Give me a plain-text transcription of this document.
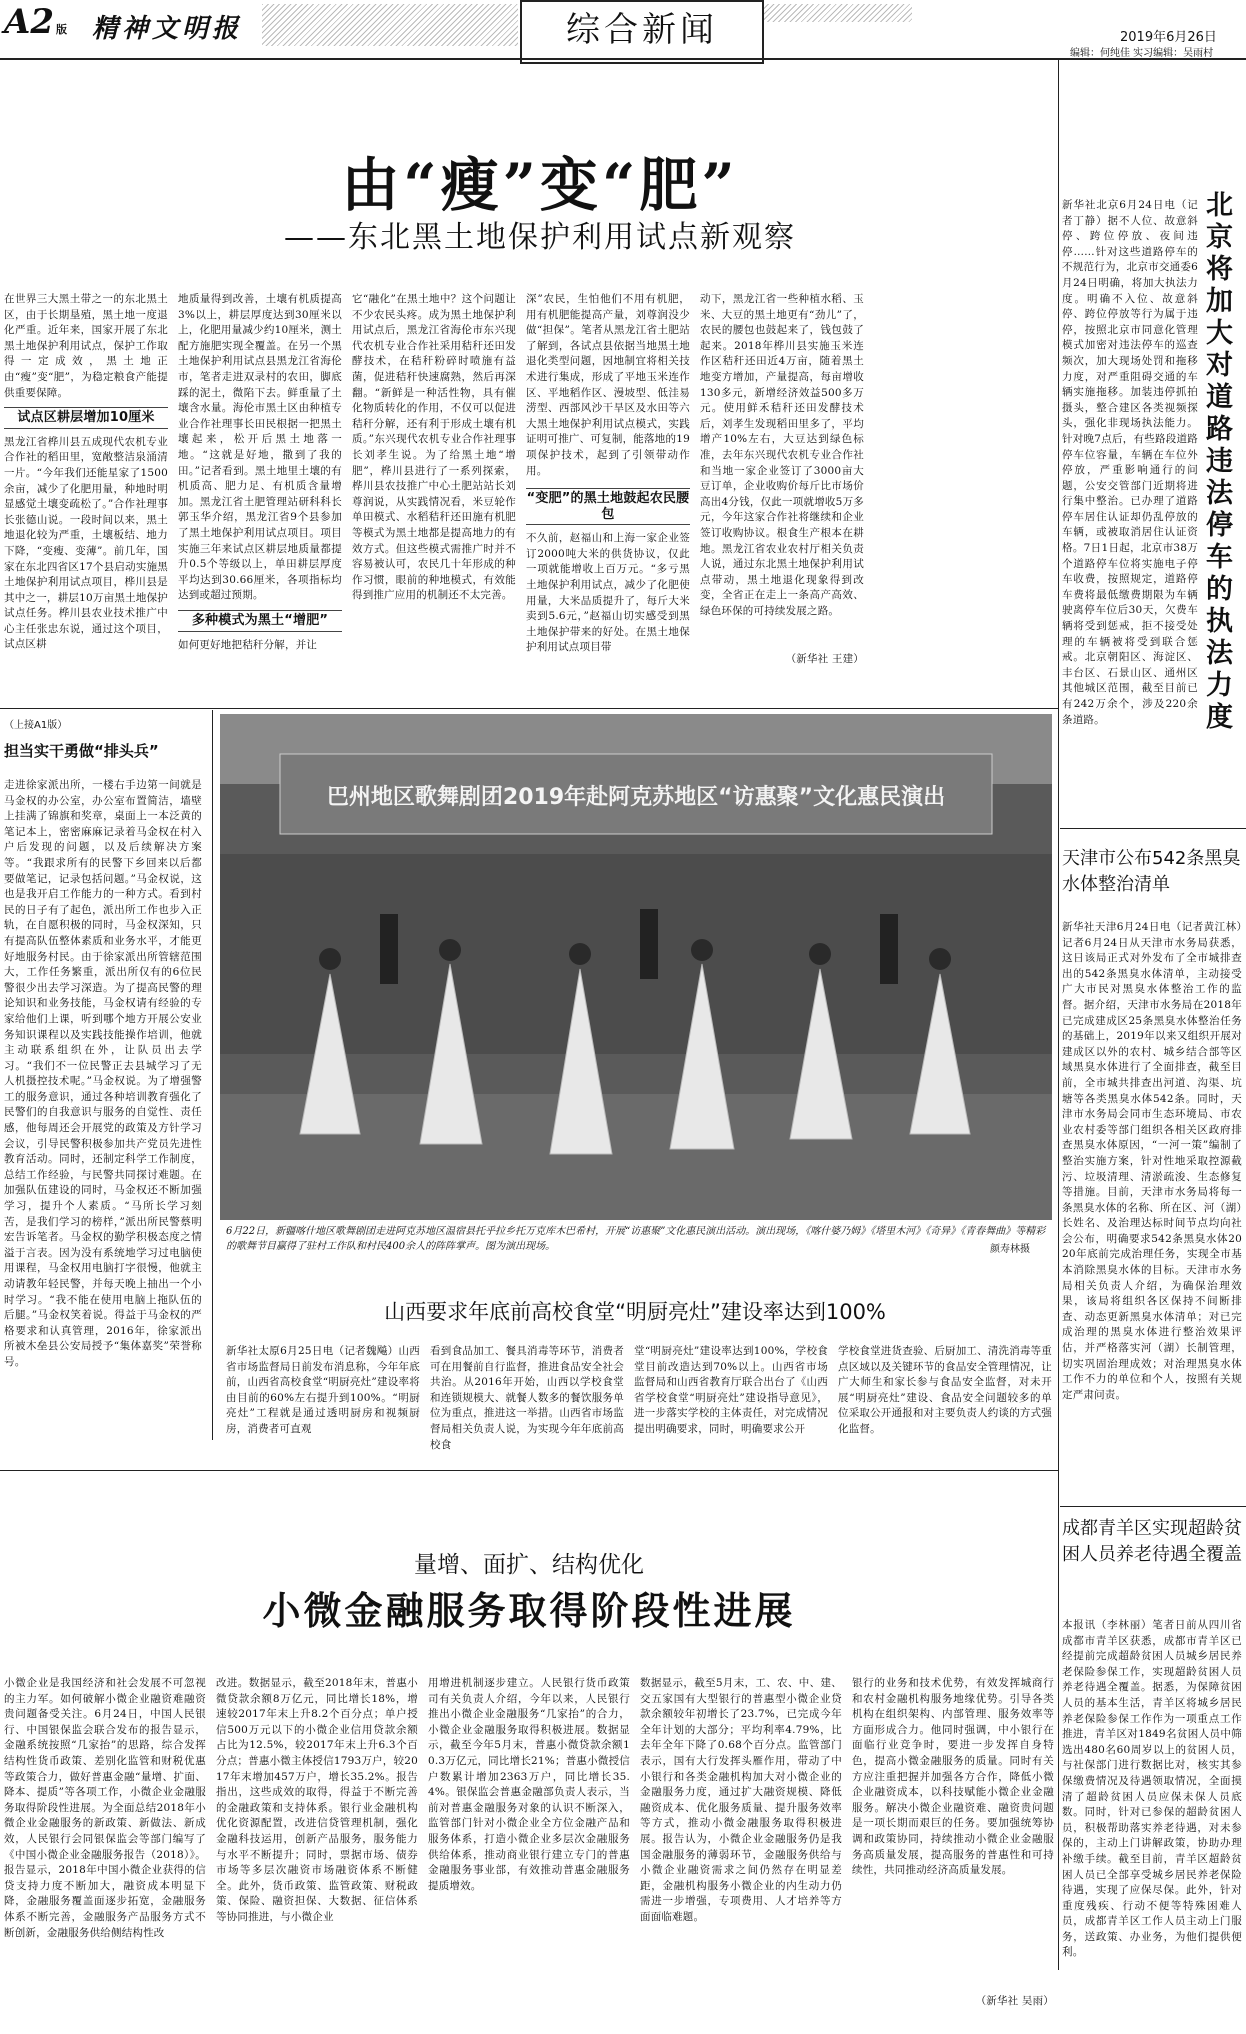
A2 版 精神文明报	综合新闻	2019年6月26日
编辑：何纯佳 实习编辑：吴雨村
由“瘦”变“肥”
——东北黑土地保护利用试点新观察
在世界三大黑土带之一的东北黑土区，由于长期垦殖，黑土地一度退化严重。近年来，国家开展了东北黑土地保护利用试点，保护工作取得一定成效，黑土地正由“瘦”变“肥”，为稳定粮食产能提供重要保障。
试点区耕层增加10厘米
黑龙江省桦川县五成现代农机专业合作社的稻田里，宽敞整洁泉涌清一片。“今年我们还能星家了1500余亩，减少了化肥用量，种地时明显感觉土壤变疏松了。”合作社理事长张德山说。一段时间以来，黑土地退化较为严重，土壤板结、地力下降，“变瘦、变薄”。前几年，国家在东北四省区17个县启动实施黑土地保护利用试点项目，桦川县是其中之一，耕层10万亩黑土地保护试点任务。桦川县农业技术推广中心主任张忠东说，通过这个项目，试点区耕
地质量得到改善，土壤有机质提高3%以上，耕层厚度达到30厘米以上，化肥用量减少约10厘米，测土配方施肥实现全覆盖。在另一个黑土地保护利用试点县黑龙江省海伦市，笔者走进双录村的农田，脚底踩的泥土，微陷下去。鲜重量了土壤含水量。海伦市黑土区由种植专业合作社理事长田民根据一把黑土壤起来，松开后黑土地落一地。“这就是好地，撒到了我的田。”记者看到。黑土地里土壤的有机质高、肥力足、有机质含量增加。黑龙江省土肥管理站研科科长郭玉华介绍，黑龙江省9个县参加了黑土地保护利用试点项目。项目实施三年来试点区耕层地质量都提升0.5个等级以上，单田耕层厚度平均达到30.66厘米，各项指标均达到或超过预期。
多种模式为黑土“增肥”
如何更好地把秸秆分解，并让
它“融化”在黑土地中？这个问题让不少农民头疼。成为黑土地保护利用试点后，黑龙江省海伦市东兴现代农机专业合作社采用秸秆还田发酵技术，在秸秆粉碎时喷施有益菌，促进秸秆快速腐熟，然后再深翻。“新鲜是一种活性物，具有催化物质转化的作用，不仅可以促进秸秆分解，还有利于形成土壤有机质。”东兴现代农机专业合作社理事长刘孝生说。为了给黑土地“增肥”，桦川县进行了一系列探索，桦川县农技推广中心土肥站站长刘尊润说，从实践情况看，米豆轮作单田模式、水稻秸秆还田施有机肥等模式为黑土地都是提高地力的有效方式。但这些模式需推广时并不容易被认可，农民几十年形成的种作习惯，眼前的种地模式，有效能得到推广应用的机制还不太完善。
深”农民，生怕他们不用有机肥，用有机肥能提高产量，刘尊润没少做“担保”。笔者从黑龙江省土肥站了解到，各试点县依据当地黑土地退化类型问题，因地制宜将相关技术进行集成，形成了平地玉米连作区、平地稻作区、漫坡型、低洼易涝型、西部风沙干旱区及水田等六大黑土地保护利用试点模式，实践证明可推广、可复制，能落地的19项保护技术，起到了引领带动作用。
“变肥”的黑土地鼓起农民腰包
不久前，赵福山和上海一家企业签订2000吨大米的供货协议，仅此一项就能增收上百万元。“多亏黑土地保护利用试点，减少了化肥使用量，大米品质提升了，每斤大米卖到5.6元，”赵福山切实感受到黑土地保护带来的好处。在黑土地保护利用试点项目带
动下，黑龙江省一些种植水稻、玉米、大豆的黑土地更有“劲儿”了，农民的腰包也鼓起来了，钱包鼓了起来。2018年桦川县实施玉米连作区秸秆还田近4万亩，随着黑土地变方增加，产量提高，每亩增收130多元，新增经济效益500多万元。使用鲜禾秸秆还田发酵技术后，刘孝生发现稻田里多了，平均增产10%左右，大豆达到绿色标准，去年东兴现代农机专业合作社和当地一家企业签订了3000亩大豆订单，企业收购价每斤比市场价高出4分钱，仅此一项就增收5万多元，今年这家合作社将继续和企业签订收购协议。根食生产根本在耕地。黑龙江省农业农村厅相关负责人说，通过东北黑土地保护利用试点带动，黑土地退化现象得到改变，全省正在走上一条高产高效、绿色环保的可持续发展之路。
（新华社 王建）
新华社北京6月24日电（记者丁静）据不人位、故意斜停、跨位停放、夜间违停……针对这些道路停车的不规范行为，北京市交通委6月24日明确，将加大执法力度。明确不入位、故意斜停、跨位停放等行为属于违停，按照北京市同意化管理模式加密对违法停车的巡查频次，加大现场处罚和拖移力度，对严重阻碍交通的车辆实施拖移。加装违停抓拍摄头，整合建区各类视频探头，强化非现场执法能力。针对晚7点后，有些路段道路停车位容量，车辆在车位外停放，严重影响通行的问题，公安交管部门近期将进行集中整治。已办理了道路停车居住认证却仍乱停放的车辆，或被取消居住认证资格。7日1日起，北京市38万个道路停车位将实施电子停车收费，按照规定，道路停车费将最低缴费期限为车辆驶离停车位后30天，欠费车辆将受到惩戒，拒不接受处理的车辆被将受到联合惩戒。北京朝阳区、海淀区、丰台区、石景山区、通州区其他城区范围，截至目前已有242万余个，涉及220余条道路。
北京将加大对道路违法停车的执法力度
天津市公布542条黑臭水体整治清单
新华社天津6月24日电（记者黄江林）记者6月24日从天津市水务局获悉，这日该局正式对外发布了全市城排查出的542条黑臭水体清单，主动接受广大市民对黑臭水体整治工作的监督。据介绍，天津市水务局在2018年已完成建成区25条黑臭水体整治任务的基础上，2019年以来又组织开展对建成区以外的农村、城乡结合部等区域黑臭水体进行了全面排查，截至目前，全市城共排查出河道、沟渠、坑塘等各类黑臭水体542条。同时，天津市水务局会同市生态环境局、市农业农村委等部门组织各相关区政府排查黑臭水体原因，“一河一策”编制了整治实施方案，针对性地采取控源截污、垃圾清理、清淤疏浚、生态修复等措施。目前，天津市水务局将每一条黑臭水体的名称、所在区、河（湖）长姓名、及治理达标时间节点均向社会公布，明确要求542条黑臭水体2020年底前完成治理任务，实现全市基本消除黑臭水体的目标。天津市水务局相关负责人介绍，为确保治理效果，该局将组织各区保持不间断排查、动态更新黑臭水体清单；对已完成治理的黑臭水体进行整治效果评估，并严格落实河（湖）长制管理，切实巩固治理成效；对治理黑臭水体工作不力的单位和个人，按照有关规定严肃问责。
成都青羊区实现超龄贫困人员养老待遇全覆盖
本报讯（李林丽）笔者日前从四川省成都市青羊区获悉，成都市青羊区已经提前完成超龄贫困人员城乡居民养老保险参保工作，实现超龄贫困人员养老待遇全覆盖。据悉，为保障贫困人员的基本生活，青羊区将城乡居民养老保险参保工作作为一项重点工作推进，青羊区对1849名贫困人员中筛选出480名60周岁以上的贫困人员，与社保部门进行数据比对，核实其参保缴费情况及待遇领取情况，全面摸清了超龄贫困人员应保未保人员底数。同时，针对已参保的超龄贫困人员，积极帮助落实养老待遇，对未参保的，主动上门讲解政策，协助办理补缴手续。截至目前，青羊区超龄贫困人员已全部享受城乡居民养老保险待遇，实现了应保尽保。此外，针对重度残疾、行动不便等特殊困难人员，成都青羊区工作人员主动上门服务，送政策、办业务，为他们提供便利。
（上接A1版）
担当实干勇做“排头兵”
走进徐家派出所，一楼右手边第一间就是马金权的办公室，办公室布置简洁，墙壁上挂满了锦旗和奖章，桌面上一本泛黄的笔记本上，密密麻麻记录着马金权在村入户后发现的问题，以及后续解决方案等。“我跟求所有的民警下乡回来以后都要做笔记，记录包括问题。”马金权说，这也是我开启工作能力的一种方式。看到村民的日子有了起色，派出所工作也步入正轨，在自愿积极的同时，马金权深知，只有提高队伍整体素质和业务水平，才能更好地服务村民。由于徐家派出所管辖范围大，工作任务繁重，派出所仅有的6位民警很少出去学习深造。为了提高民警的理论知识和业务技能，马金权请有经验的专家给他们上课，听到哪个地方开展公安业务知识课程以及实践技能操作培训，他就主动联系组织在外，让队员出去学习。“我们不一位民警正去县城学习了无人机摄控技术呢。”马金权说。为了增强警工的服务意识，通过各种培训教育强化了民警们的自我意识与服务的自觉性、责任感，他每周还会开展党的政策及方针学习会议，引导民警积极参加共产党员先进性教育活动。同时，还制定科学工作制度，总结工作经验，与民警共同探讨难题。在加强队伍建设的同时，马金权还不断加强学习，提升个人素质。“马所长学习刻苦，是我们学习的榜样，”派出所民警蔡明宏告诉笔者。马金权的勤学积极态度之情溢于言表。因为没有系统地学习过电脑使用课程，马金权用电脑打字很慢，他就主动请教年轻民警，并每天晚上抽出一个小时学习。“我不能在使用电脑上拖队伍的后腿。”马金权笑着说。得益于马金权的严格要求和认真管理，2016年，徐家派出所被木垒县公安局授予“集体嘉奖”荣誉称号。
巴州地区歌舞剧团2019年赴阿克苏地区“访惠聚”文化惠民演出
6月22日，新疆喀什地区歌舞剧团走进阿克苏地区温宿县托乎拉乡托万克库木巴希村，开展“访惠聚”文化惠民演出活动。演出现场，《喀什婆乃姆》《塔里木河》《奇异》《青春舞曲》等精彩的歌舞节目赢得了驻村工作队和村民400余人的阵阵掌声。图为演出现场。	颜寿林摄
山西要求年底前高校食堂“明厨亮灶”建设率达到100%
新华社太原6月25日电（记者魏飚）山西省市场监督局日前发布消息称，今年年底前，山西省高校食堂“明厨亮灶”建设率将由目前的60%左右提升到100%。“明厨亮灶”工程就是通过透明厨房和视频厨房，消费者可直观
看到食品加工、餐具消毒等环节，消费者可在用餐前自行监督，推进食品安全社会共治。从2016年开始，山西以学校食堂和连锁规模大、就餐人数多的餐饮服务单位为重点，推进这一举措。山西省市场监督局相关负责人说，为实现今年年底前高校食
堂“明厨亮灶”建设率达到100%，学校食堂目前改造达到70%以上。山西省市场监督局和山西省教育厅联合出台了《山西省学校食堂“明厨亮灶”建设指导意见》，进一步落实学校的主体责任，对完成情况提出明确要求，同时，明确要求公开
学校食堂进货查验、后厨加工、清洗消毒等重点区域以及关键环节的食品安全管理情况，让广大师生和家长参与食品安全监督，对未开展“明厨亮灶”建设、食品安全问题较多的单位采取公开通报和对主要负责人约谈的方式强化监督。
量增、面扩、结构优化
小微金融服务取得阶段性进展
小微企业是我国经济和社会发展不可忽视的主力军。如何破解小微企业融资难融资贵问题备受关注。6月24日，中国人民银行、中国银保监会联合发布的报告显示，金融系统按照“几家抬”的思路，综合发挥结构性货币政策、差别化监管和财税优惠等政策合力，做好普惠金融“量增、扩面、降本、提质”等各项工作，小微企业金融服务取得阶段性进展。为全面总结2018年小微企业金融服务的新政策、新做法、新成效，人民银行会同银保监会等部门编写了《中国小微企业金融服务报告（2018）》。报告显示，2018年中国小微企业获得的信贷支持力度不断加大，融资成本明显下降，金融服务覆盖面逐步拓宽，金融服务体系不断完善，金融服务产品服务方式不断创新，金融服务供给侧结构性改
改进。数据显示，截至2018年末，普惠小微贷款余额8万亿元，同比增长18%，增速较2017年末上升8.2个百分点；单户授信500万元以下的小微企业信用贷款余额占比为12.5%，较2017年末上升6.3个百分点；普惠小微主体授信1793万户，较2017年末增加457万户，增长35.2%。报告指出，这些成效的取得，得益于不断完善的金融政策和支持体系。银行业金融机构优化资源配置，改进信贷管理机制，强化金融科技运用，创新产品服务，服务能力与水平不断提升；同时，票据市场、债券市场等多层次融资市场融资体系不断健全。此外，货币政策、监管政策、财税政策、保险、融资担保、大数据、征信体系等协同推进，与小微企业
用增进机制逐步建立。人民银行货币政策司有关负责人介绍，今年以来，人民银行推出小微企业金融服务“几家抬”的合力，小微企业金融服务取得积极进展。数据显示，截至今年5月末，普惠小微贷款余额10.3万亿元，同比增长21%；普惠小微授信户数累计增加2363万户，同比增长35.4%。银保监会普惠金融部负责人表示，当前对普惠金融服务对象的认识不断深入，监管部门针对小微企业全方位金融产品和服务体系，打造小微企业多层次金融服务供给体系，推动商业银行建立专门的普惠金融服务事业部，有效推动普惠金融服务提质增效。
数据显示，截至5月末，工、农、中、建、交五家国有大型银行的普惠型小微企业贷款余额较年初增长了23.7%，已完成今年全年计划的大部分；平均利率4.79%，比去年全年下降了0.68个百分点。监管部门表示，国有大行发挥头雁作用，带动了中小银行和各类金融机构加大对小微企业的金融服务力度，通过扩大融资规模、降低融资成本、优化服务质量、提升服务效率等方式，推动小微金融服务取得积极进展。报告认为，小微企业金融服务仍是我国金融服务的薄弱环节，金融服务供给与小微企业融资需求之间仍然存在明显差距，金融机构服务小微企业的内生动力仍需进一步增强，专项费用、人才培养等方面面临难题。
银行的业务和技术优势，有效发挥城商行和农村金融机构服务地缘优势。引导各类机构在组织架构、内部管理、服务效率等方面形成合力。他同时强调，中小银行在面临行业竞争时，要进一步发挥自身特色，提高小微金融服务的质量。同时有关方应注重把握并加强各方合作，降低小微企业融资成本，以科技赋能小微企业金融服务。解决小微企业融资难、融资贵问题是一项长期而艰巨的任务。要加强统筹协调和政策协同，持续推动小微企业金融服务高质量发展，提高服务的普惠性和可持续性，共同推动经济高质量发展。
（新华社 吴雨）
